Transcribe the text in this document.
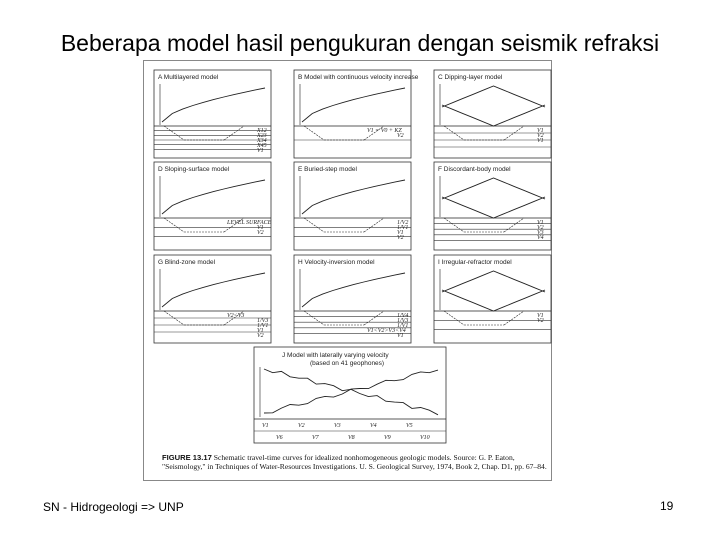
Beberapa model hasil pengukuran dengan seismik refraksi
A Multilayered model
X12
X23
X34
X45
V1
B Model with continuous velocity increase
V1 = V0 + KZ
V2
C Dipping-layer model
V1
V2
V1
D Sloping-surface model
LEVEL SURFACE
V1
V2
E Buried-step model
1/V2
1/V1
V1
V2
F Discordant-body model
V1
V2
V3
V4
G Blind-zone model
V2<V3
1/V3
1/V1
V1
V2
H Velocity-inversion model
1/V4
1/V3
1/V1
V1<V2>V3<V4
V1
I Irregular-refractor model
V1
V2
J Model with laterally varying velocity
(based on 41 geophones)
V1	V2	V3	V4	V5
V6	V7	V8	V9	V10
FIGURE 13.17 Schematic travel-time curves for idealized nonhomogeneous geologic models. Source: G. P. Eaton, "Seismology," in Techniques of Water-Resources Investigations. U. S. Geological Survey, 1974, Book 2, Chap. D1, pp. 67–84.
SN - Hidrogeologi => UNP	19
